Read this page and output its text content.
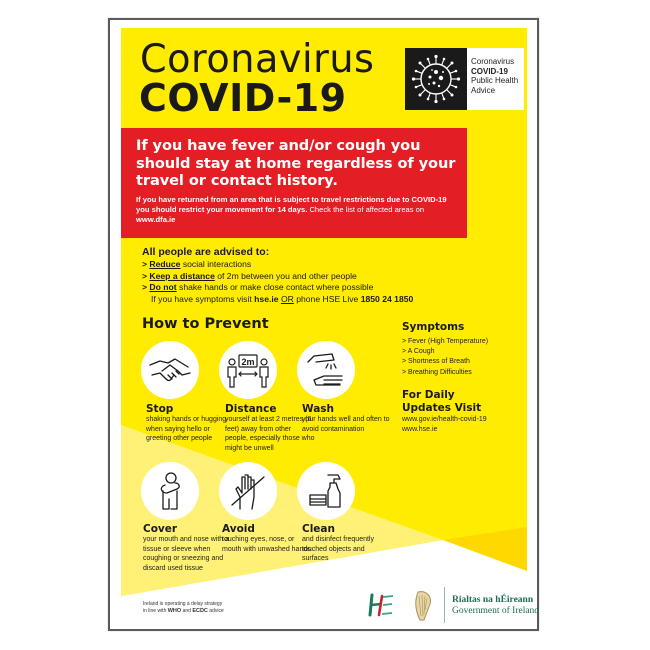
Coronavirus
COVID-19
Coronavirus
COVID-19
Public Health
Advice
If you have fever and/or cough you should stay at home regardless of your travel or contact history.
If you have returned from an area that is subject to travel restrictions due to COVID-19 you should restrict your movement for 14 days. Check the list of affected areas on www.dfa.ie
All people are advised to:
> Reduce social interactions
> Keep a distance of 2m between you and other people
> Do not shake hands or make close contact where possible
If you have symptoms visit hse.ie OR phone HSE Live 1850 24 1850
How to Prevent
Stop
shaking hands or hugging when saying hello or greeting other people
2m
Distance
yourself at least 2 metres (6 feet) away from other people, especially those who might be unwell
Wash
your hands well and often to avoid contamination
Cover
your mouth and nose with a tissue or sleeve when coughing or sneezing and discard used tissue
Avoid
touching eyes, nose, or mouth with unwashed hands
Clean
and disinfect frequently touched objects and surfaces
Symptoms
> Fever (High Temperature)
> A Cough
> Shortness of Breath
> Breathing Difficulties
For Daily
Updates Visit
www.gov.ie/health-covid-19
www.hse.ie
Ireland is operating a delay strategy
in line with WHO and ECDC advice
Rialtas na hÉireann
Government of Ireland
